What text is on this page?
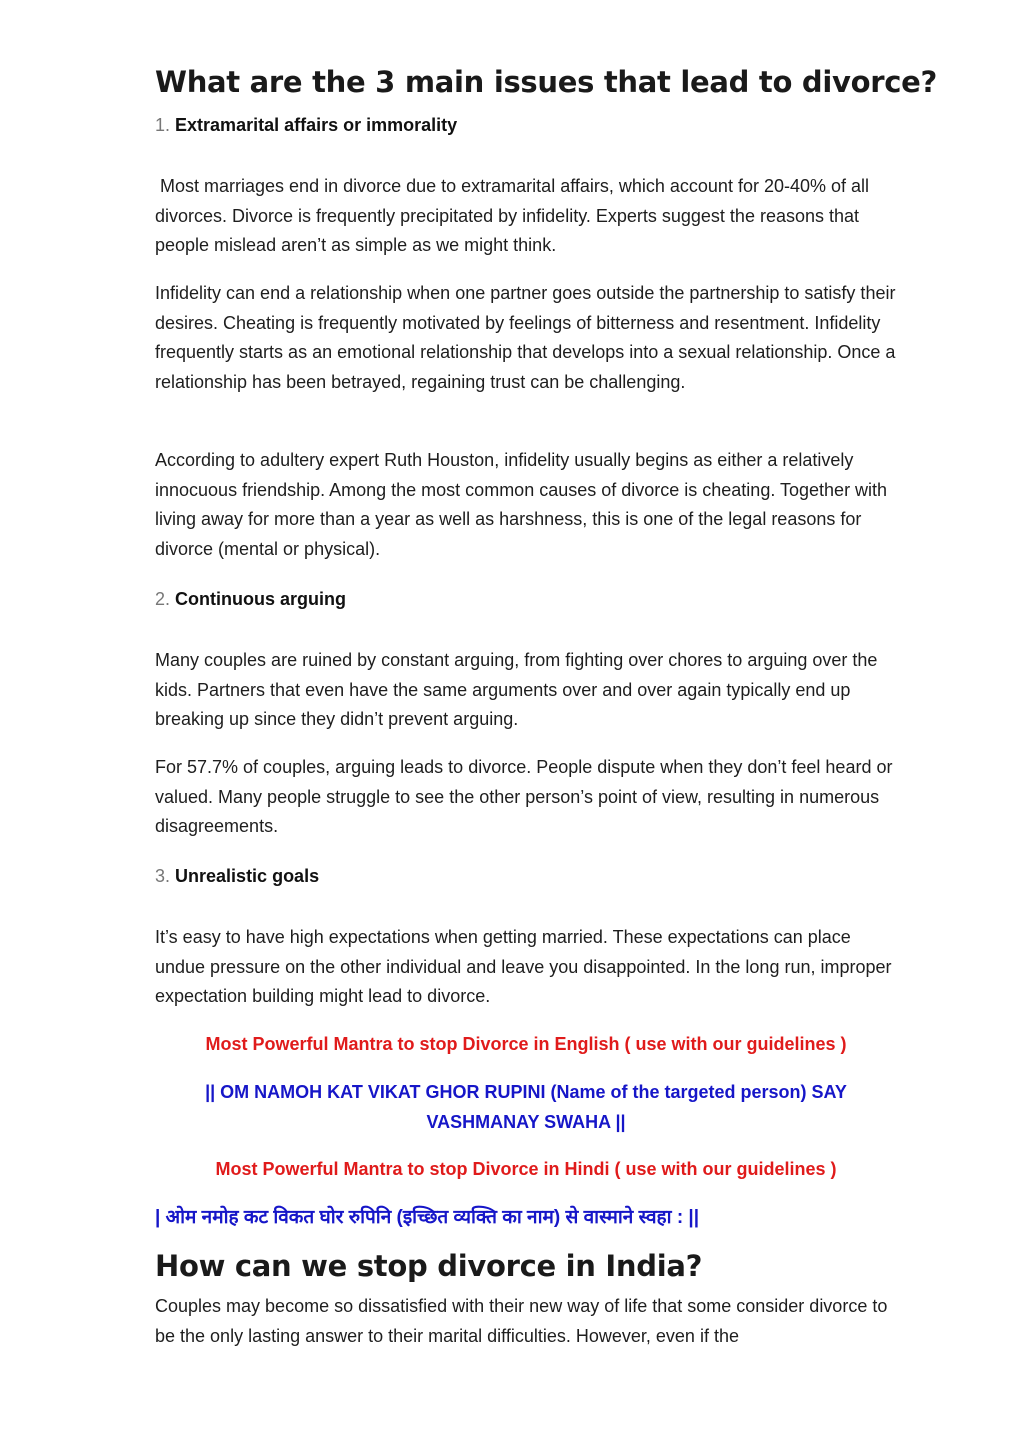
What are the 3 main issues that lead to divorce?
1. Extramarital affairs or immorality

Most marriages end in divorce due to extramarital affairs, which account for 20-40% of all divorces. Divorce is frequently precipitated by infidelity. Experts suggest the reasons that people mislead aren’t as simple as we might think.

Infidelity can end a relationship when one partner goes outside the partnership to satisfy their desires. Cheating is frequently motivated by feelings of bitterness and resentment. Infidelity frequently starts as an emotional relationship that develops into a sexual relationship. Once a relationship has been betrayed, regaining trust can be challenging.

According to adultery expert Ruth Houston, infidelity usually begins as either a relatively innocuous friendship. Among the most common causes of divorce is cheating. Together with living away for more than a year as well as harshness, this is one of the legal reasons for divorce (mental or physical).

2. Continuous arguing

Many couples are ruined by constant arguing, from fighting over chores to arguing over the kids. Partners that even have the same arguments over and over again typically end up breaking up since they didn’t prevent arguing.

For 57.7% of couples, arguing leads to divorce. People dispute when they don’t feel heard or valued. Many people struggle to see the other person’s point of view, resulting in numerous disagreements.

3. Unrealistic goals

It’s easy to have high expectations when getting married. These expectations can place undue pressure on the other individual and leave you disappointed. In the long run, improper expectation building might lead to divorce.

Most Powerful Mantra to stop Divorce in English ( use with our guidelines )

|| OM NAMOH KAT VIKAT GHOR RUPINI (Name of the targeted person) SAY VASHMANAY SWAHA ||

Most Powerful Mantra to stop Divorce in Hindi ( use with our guidelines )

| ओम नमोह कट विकत घोर रुपिनि (इच्छित व्यक्ति का नाम) से वास्माने स्वहा : ||

How can we stop divorce in India?

Couples may become so dissatisfied with their new way of life that some consider divorce to be the only lasting answer to their marital difficulties. However, even if the
